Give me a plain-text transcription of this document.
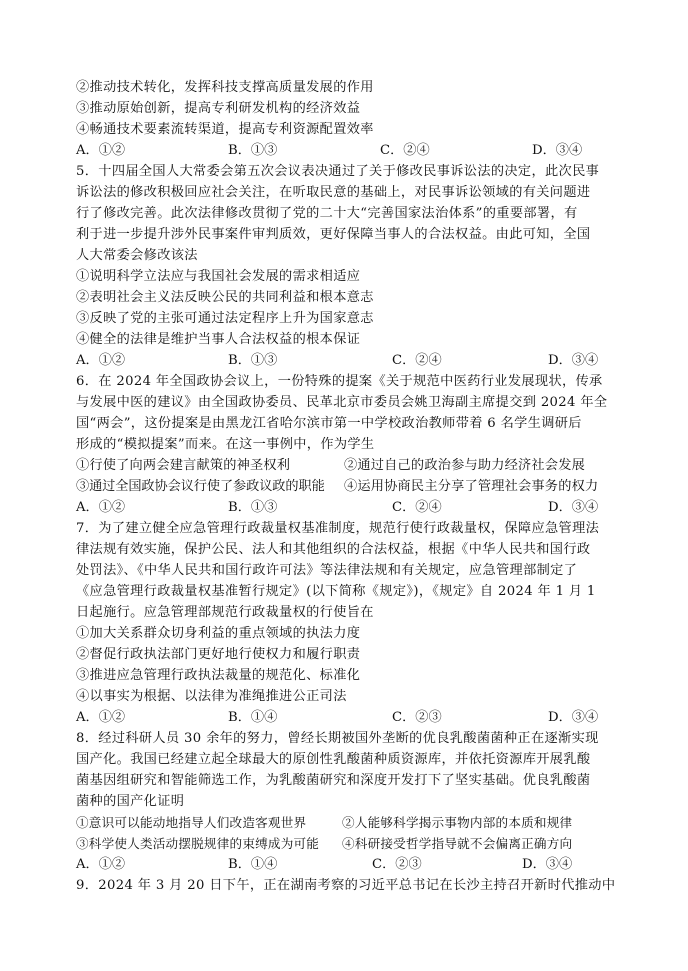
②推动技术转化，发挥科技支撑高质量发展的作用
③推动原始创新，提高专利研发机构的经济效益
④畅通技术要素流转渠道，提高专利资源配置效率
A．①②	B．①③	C．②④	D．③④
5．十四届全国人大常委会第五次会议表决通过了关于修改民事诉讼法的决定，此次民事
诉讼法的修改积极回应社会关注，在听取民意的基础上，对民事诉讼领域的有关问题进
行了修改完善。此次法律修改贯彻了党的二十大“完善国家法治体系”的重要部署，有
利于进一步提升涉外民事案件审判质效，更好保障当事人的合法权益。由此可知，全国
人大常委会修改该法
①说明科学立法应与我国社会发展的需求相适应
②表明社会主义法反映公民的共同利益和根本意志
③反映了党的主张可通过法定程序上升为国家意志
④健全的法律是维护当事人合法权益的根本保证
A．①②	B．①③	C．②④	D．③④
6．在 2024 年全国政协会议上，一份特殊的提案《关于规范中医药行业发展现状，传承
与发展中医的建议》由全国政协委员、民革北京市委员会姚卫海副主席提交到 2024 年全
国“两会”，这份提案是由黑龙江省哈尔滨市第一中学校政治教师带着 6 名学生调研后
形成的“模拟提案”而来。在这一事例中，作为学生
①行使了向两会建言献策的神圣权利	②通过自己的政治参与助力经济社会发展
③通过全国政协会议行使了参政议政的职能 ④运用协商民主分享了管理社会事务的权力
A．①②	B．①③	C．②④	D．③④
7．为了建立健全应急管理行政裁量权基准制度，规范行使行政裁量权，保障应急管理法
律法规有效实施，保护公民、法人和其他组织的合法权益，根据《中华人民共和国行政
处罚法》、《中华人民共和国行政许可法》等法律法规和有关规定，应急管理部制定了
《应急管理行政裁量权基准暂行规定》(以下简称《规定》)，《规定》自 2024 年 1 月 1
日起施行。应急管理部规范行政裁量权的行使旨在
①加大关系群众切身利益的重点领域的执法力度
②督促行政执法部门更好地行使权力和履行职责
③推进应急管理行政执法裁量的规范化、标准化
④以事实为根据、以法律为准绳推进公正司法
A．①②	B．①④	C．②③	D．③④
8．经过科研人员 30 余年的努力，曾经长期被国外垄断的优良乳酸菌菌种正在逐渐实现
国产化。我国已经建立起全球最大的原创性乳酸菌种质资源库，并依托资源库开展乳酸
菌基因组研究和智能筛选工作，为乳酸菌研究和深度开发打下了坚实基础。优良乳酸菌
菌种的国产化证明
①意识可以能动地指导人们改造客观世界	②人能够科学揭示事物内部的本质和规律
③科学使人类活动摆脱规律的束缚成为可能 ④科研接受哲学指导就不会偏离正确方向
A．①②	B．①④	C．②③	D．③④
9．2024 年 3 月 20 日下午，正在湖南考察的习近平总书记在长沙主持召开新时代推动中
